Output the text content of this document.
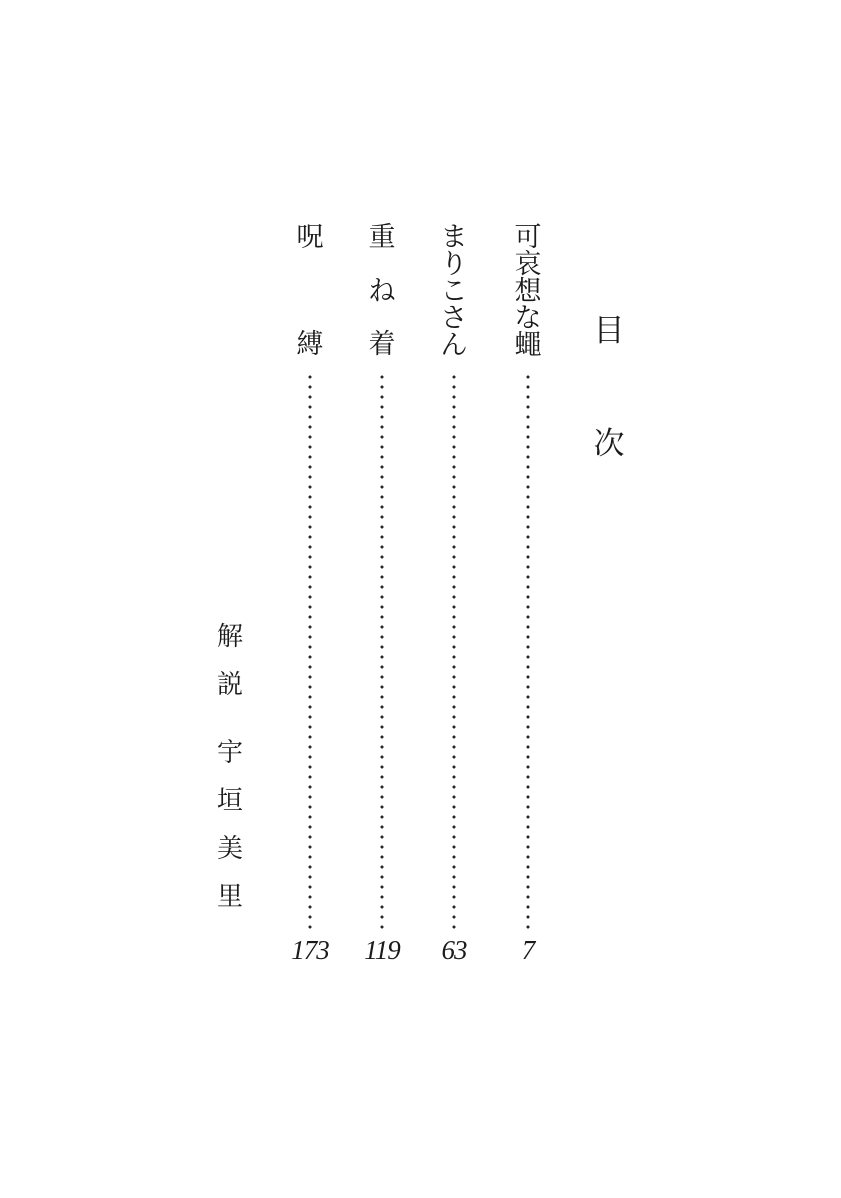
目
次
可
哀
想
な
蠅
7
ま
り
こ
さ
ん
63
重
ね
着
119
呪
縛
173
解
説
宇
垣
美
里
